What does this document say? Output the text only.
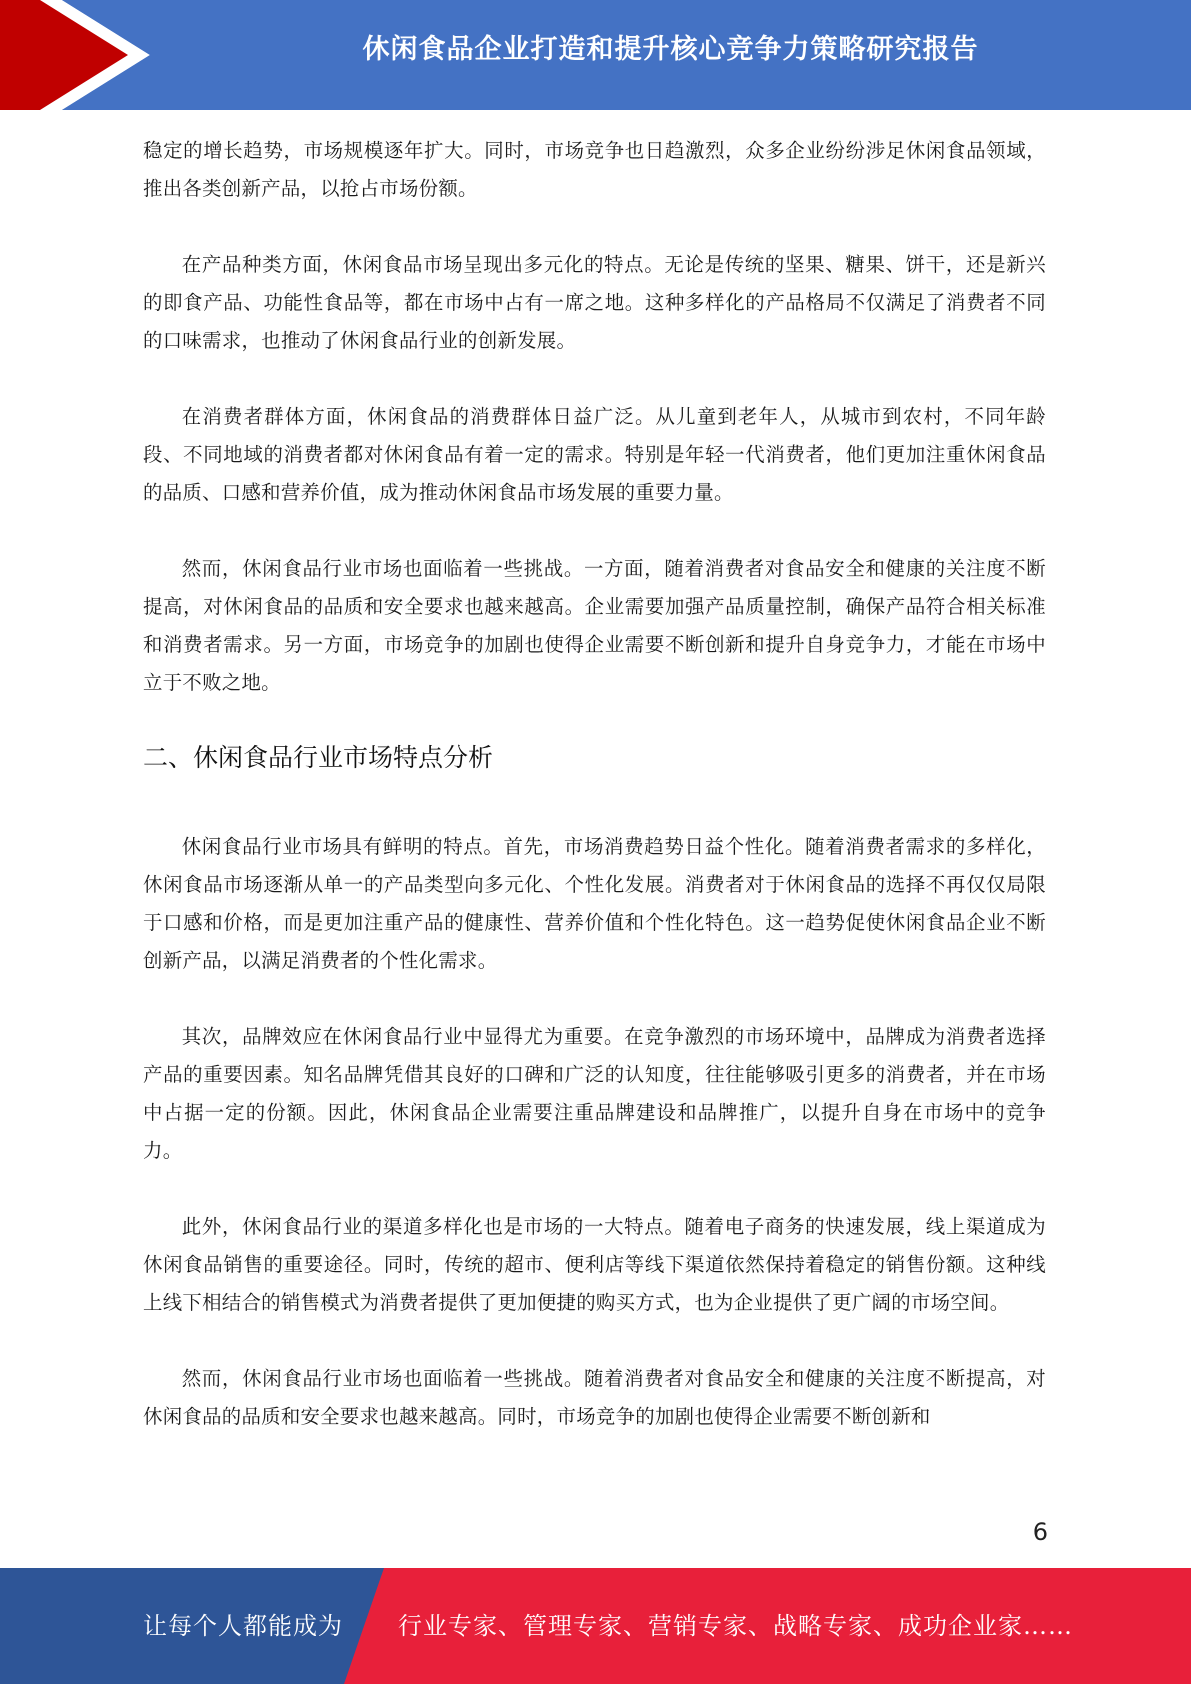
休闲食品企业打造和提升核心竞争力策略研究报告

稳定的增长趋势，市场规模逐年扩大。同时，市场竞争也日趋激烈，众多企业纷纷涉足休闲食品领域，推出各类创新产品，以抢占市场份额。

在产品种类方面，休闲食品市场呈现出多元化的特点。无论是传统的坚果、糖果、饼干，还是新兴的即食产品、功能性食品等，都在市场中占有一席之地。这种多样化的产品格局不仅满足了消费者不同的口味需求，也推动了休闲食品行业的创新发展。

在消费者群体方面，休闲食品的消费群体日益广泛。从儿童到老年人，从城市到农村，不同年龄段、不同地域的消费者都对休闲食品有着一定的需求。特别是年轻一代消费者，他们更加注重休闲食品的品质、口感和营养价值，成为推动休闲食品市场发展的重要力量。

然而，休闲食品行业市场也面临着一些挑战。一方面，随着消费者对食品安全和健康的关注度不断提高，对休闲食品的品质和安全要求也越来越高。企业需要加强产品质量控制，确保产品符合相关标准和消费者需求。另一方面，市场竞争的加剧也使得企业需要不断创新和提升自身竞争力，才能在市场中立于不败之地。

二、休闲食品行业市场特点分析

休闲食品行业市场具有鲜明的特点。首先，市场消费趋势日益个性化。随着消费者需求的多样化，休闲食品市场逐渐从单一的产品类型向多元化、个性化发展。消费者对于休闲食品的选择不再仅仅局限于口感和价格，而是更加注重产品的健康性、营养价值和个性化特色。这一趋势促使休闲食品企业不断创新产品，以满足消费者的个性化需求。

其次，品牌效应在休闲食品行业中显得尤为重要。在竞争激烈的市场环境中，品牌成为消费者选择产品的重要因素。知名品牌凭借其良好的口碑和广泛的认知度，往往能够吸引更多的消费者，并在市场中占据一定的份额。因此，休闲食品企业需要注重品牌建设和品牌推广，以提升自身在市场中的竞争力。

此外，休闲食品行业的渠道多样化也是市场的一大特点。随着电子商务的快速发展，线上渠道成为休闲食品销售的重要途径。同时，传统的超市、便利店等线下渠道依然保持着稳定的销售份额。这种线上线下相结合的销售模式为消费者提供了更加便捷的购买方式，也为企业提供了更广阔的市场空间。

然而，休闲食品行业市场也面临着一些挑战。随着消费者对食品安全和健康的关注度不断提高，对休闲食品的品质和安全要求也越来越高。同时，市场竞争的加剧也使得企业需要不断创新和

6
让每个人都能成为 行业专家、管理专家、营销专家、战略专家、成功企业家……
